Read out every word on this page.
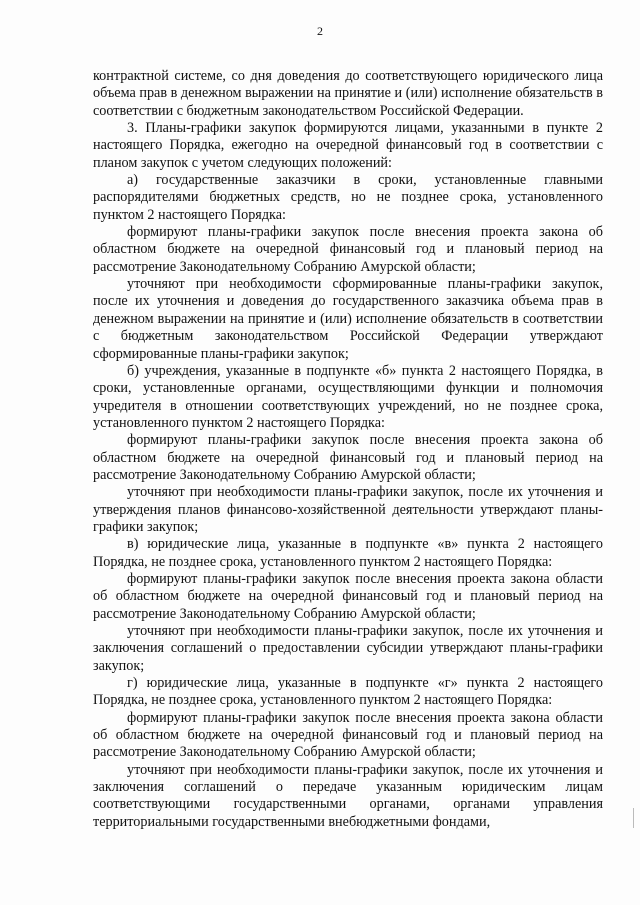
2

контрактной системе, со дня доведения до соответствующего юридического лица объема прав в денежном выражении на принятие и (или) исполнение обязательств в соответствии с бюджетным законодательством Российской Федерации.

3. Планы-графики закупок формируются лицами, указанными в пункте 2 настоящего Порядка, ежегодно на очередной финансовый год в соответствии с планом закупок с учетом следующих положений:

а) государственные заказчики в сроки, установленные главными распорядителями бюджетных средств, но не позднее срока, установленного пунктом 2 настоящего Порядка:

формируют планы-графики закупок после внесения проекта закона об областном бюджете на очередной финансовый год и плановый период на рассмотрение Законодательному Собранию Амурской области;

уточняют при необходимости сформированные планы-графики закупок, после их уточнения и доведения до государственного заказчика объема прав в денежном выражении на принятие и (или) исполнение обязательств в соответствии с бюджетным законодательством Российской Федерации утверждают сформированные планы-графики закупок;

б) учреждения, указанные в подпункте «б» пункта 2 настоящего Порядка, в сроки, установленные органами, осуществляющими функции и полномочия учредителя в отношении соответствующих учреждений, но не позднее срока, установленного пунктом 2 настоящего Порядка:

формируют планы-графики закупок после внесения проекта закона об областном бюджете на очередной финансовый год и плановый период на рассмотрение Законодательному Собранию Амурской области;

уточняют при необходимости планы-графики закупок, после их уточнения и утверждения планов финансово-хозяйственной деятельности утверждают планы-графики закупок;

в) юридические лица, указанные в подпункте «в» пункта 2 настоящего Порядка, не позднее срока, установленного пунктом 2 настоящего Порядка:

формируют планы-графики закупок после внесения проекта закона области об областном бюджете на очередной финансовый год и плановый период на рассмотрение Законодательному Собранию Амурской области;

уточняют при необходимости планы-графики закупок, после их уточнения и заключения соглашений о предоставлении субсидии утверждают планы-графики закупок;

г) юридические лица, указанные в подпункте «г» пункта 2 настоящего Порядка, не позднее срока, установленного пунктом 2 настоящего Порядка:

формируют планы-графики закупок после внесения проекта закона области об областном бюджете на очередной финансовый год и плановый период на рассмотрение Законодательному Собранию Амурской области;

уточняют при необходимости планы-графики закупок, после их уточнения и заключения соглашений о передаче указанным юридическим лицам соответствующими государственными органами, органами управления территориальными государственными внебюджетными фондами,
